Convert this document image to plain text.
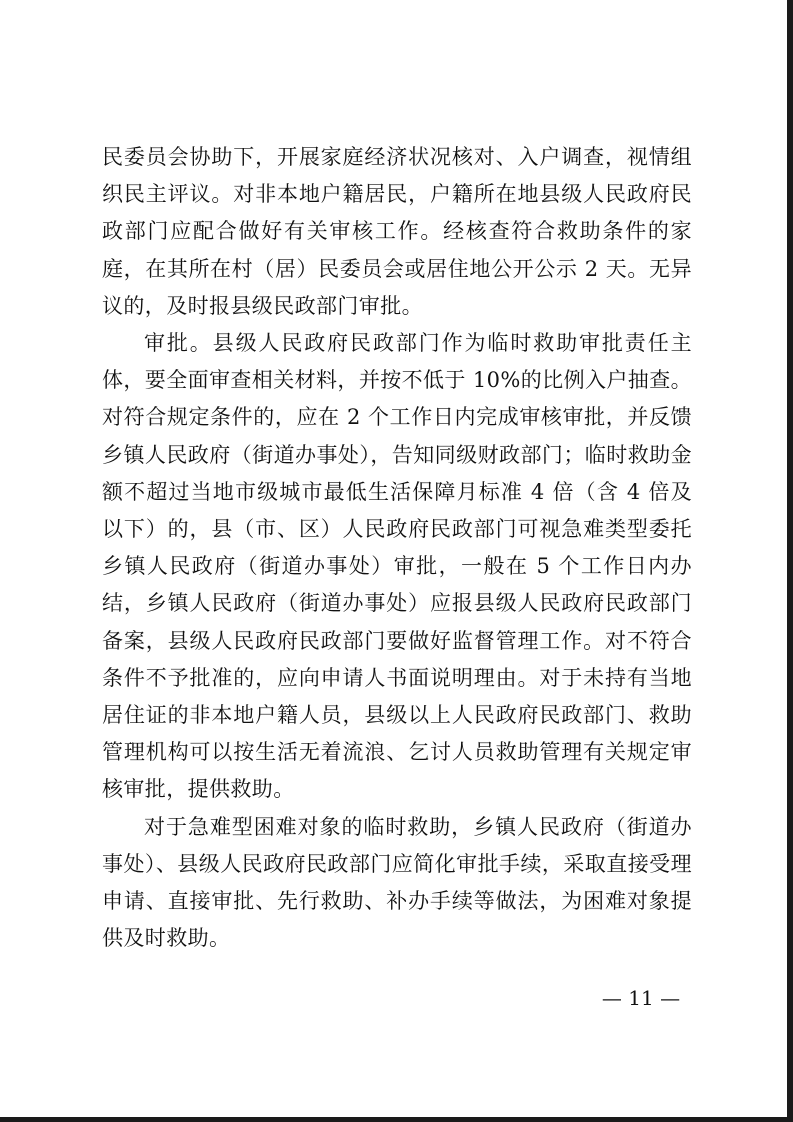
民委员会协助下，开展家庭经济状况核对、入户调查，视情组织民主评议。对非本地户籍居民，户籍所在地县级人民政府民政部门应配合做好有关审核工作。经核查符合救助条件的家庭，在其所在村（居）民委员会或居住地公开公示 2 天。无异议的，及时报县级民政部门审批。

审批。县级人民政府民政部门作为临时救助审批责任主体，要全面审查相关材料，并按不低于 10%的比例入户抽查。对符合规定条件的，应在 2 个工作日内完成审核审批，并反馈乡镇人民政府（街道办事处），告知同级财政部门；临时救助金额不超过当地市级城市最低生活保障月标准 4 倍（含 4 倍及以下）的，县（市、区）人民政府民政部门可视急难类型委托乡镇人民政府（街道办事处）审批，一般在 5 个工作日内办结，乡镇人民政府（街道办事处）应报县级人民政府民政部门备案，县级人民政府民政部门要做好监督管理工作。对不符合条件不予批准的，应向申请人书面说明理由。对于未持有当地居住证的非本地户籍人员，县级以上人民政府民政部门、救助管理机构可以按生活无着流浪、乞讨人员救助管理有关规定审核审批，提供救助。

对于急难型困难对象的临时救助，乡镇人民政府（街道办事处）、县级人民政府民政部门应简化审批手续，采取直接受理申请、直接审批、先行救助、补办手续等做法，为困难对象提供及时救助。

— 11 —
